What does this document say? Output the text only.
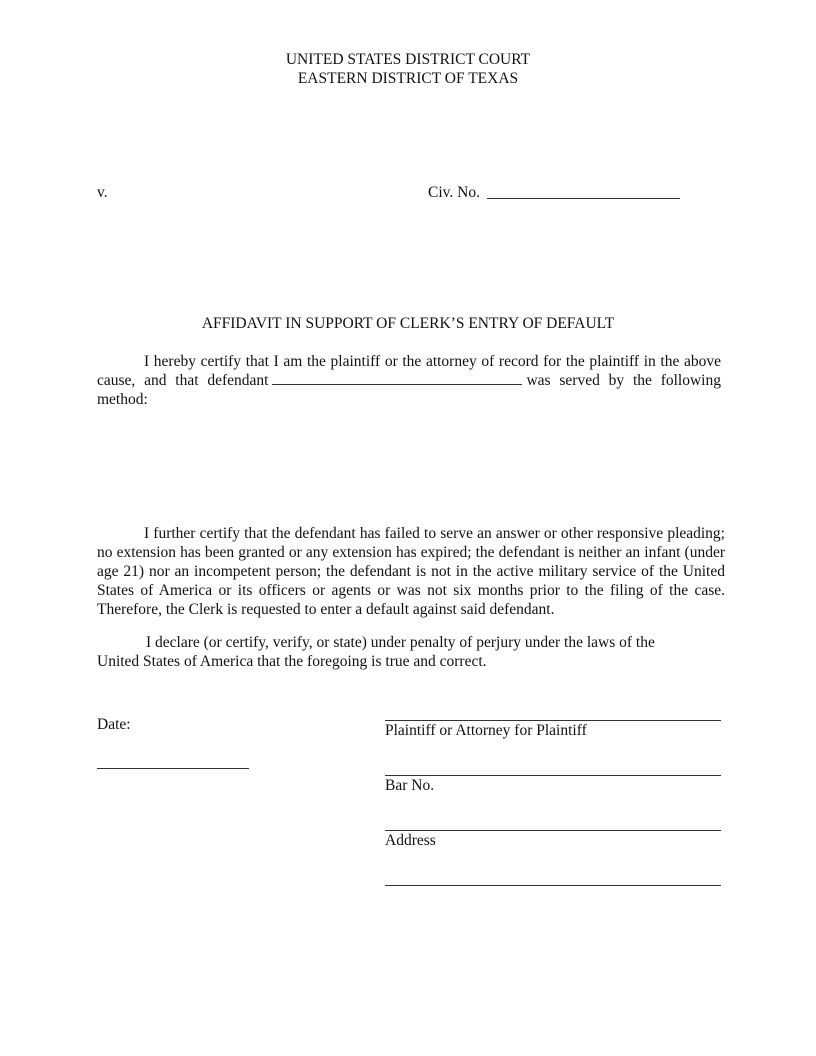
UNITED STATES DISTRICT COURT
EASTERN DISTRICT OF TEXAS
v.	Civ. No.
AFFIDAVIT IN SUPPORT OF CLERK’S ENTRY OF DEFAULT
I hereby certify that I am the plaintiff or the attorney of record for the plaintiff in the above cause, and that defendant	was served by the following method:
I further certify that the defendant has failed to serve an answer or other responsive pleading; no extension has been granted or any extension has expired; the defendant is neither an infant (under age 21) nor an incompetent person; the defendant is not in the active military service of the United States of America or its officers or agents or was not six months prior to the filing of the case. Therefore, the Clerk is requested to enter a default against said defendant.
I declare (or certify, verify, or state) under penalty of perjury under the laws of the
United States of America that the foregoing is true and correct.
Date:	Plaintiff or Attorney for Plaintiff
Bar No.
Address
